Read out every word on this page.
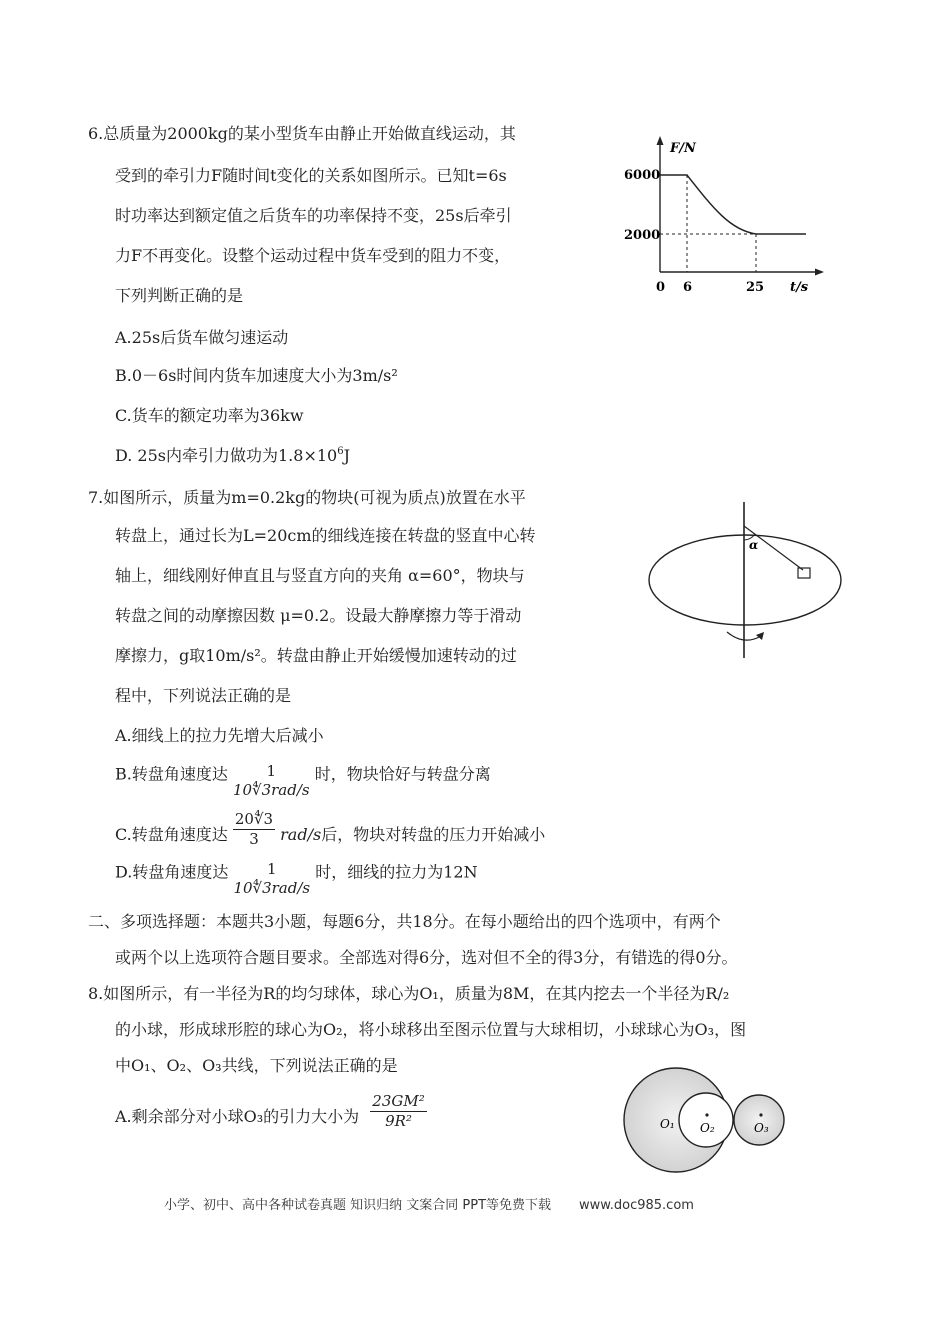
6.总质量为2000kg的某小型货车由静止开始做直线运动，其
受到的牵引力F随时间t变化的关系如图所示。已知t=6s
时功率达到额定值之后货车的功率保持不变，25s后牵引
力F不再变化。设整个运动过程中货车受到的阻力不变，
下列判断正确的是
A.25s后货车做匀速运动
B.0－6s时间内货车加速度大小为3m/s²
C.货车的额定功率为36kw
D. 25s内牵引力做功为$1.8\times 10^6J$
F/N
6000
2000
0 6	25 t/s
7.如图所示，质量为m=0.2kg的物块(可视为质点)放置在水平
转盘上，通过长为L=20cm的细线连接在转盘的竖直中心转
轴上，细线刚好伸直且与竖直方向的夹角 α=60°，物块与
转盘之间的动摩擦因数 μ=0.2。设最大静摩擦力等于滑动
摩擦力，g取10m/s²。转盘由静止开始缓慢加速转动的过
程中，下列说法正确的是
A.细线上的拉力先增大后减小
B.转盘角速度达	1
10∜3rad/s
时，物块恰好与转盘分离
C.转盘角速度达 $\frac{20∜3}{3} rad/s$后，物块对转盘的压力开始减小
D.转盘角速度达	1
10∜3rad/s
时，细线的拉力为12N
α
二、多项选择题：本题共3小题，每题6分，共18分。在每小题给出的四个选项中，有两个
或两个以上选项符合题目要求。全部选对得6分，选对但不全的得3分，有错选的得0分。
8.如图所示，有一半径为R的均匀球体，球心为O₁，质量为8M，在其内挖去一个半径为R/₂
的小球，形成球形腔的球心为O₂，将小球移出至图示位置与大球相切，小球球心为O₃，图
中O₁、O₂、O₃共线，下列说法正确的是
A.剩余部分对小球O₃的引力大小为 $\frac{\text{23GM²}}{\text{9R²}}$	O₁ O₂	O₃
小学、初中、高中各种试卷真题 知识归纳 文案合同 PPT等免费下载 www.doc985.com
